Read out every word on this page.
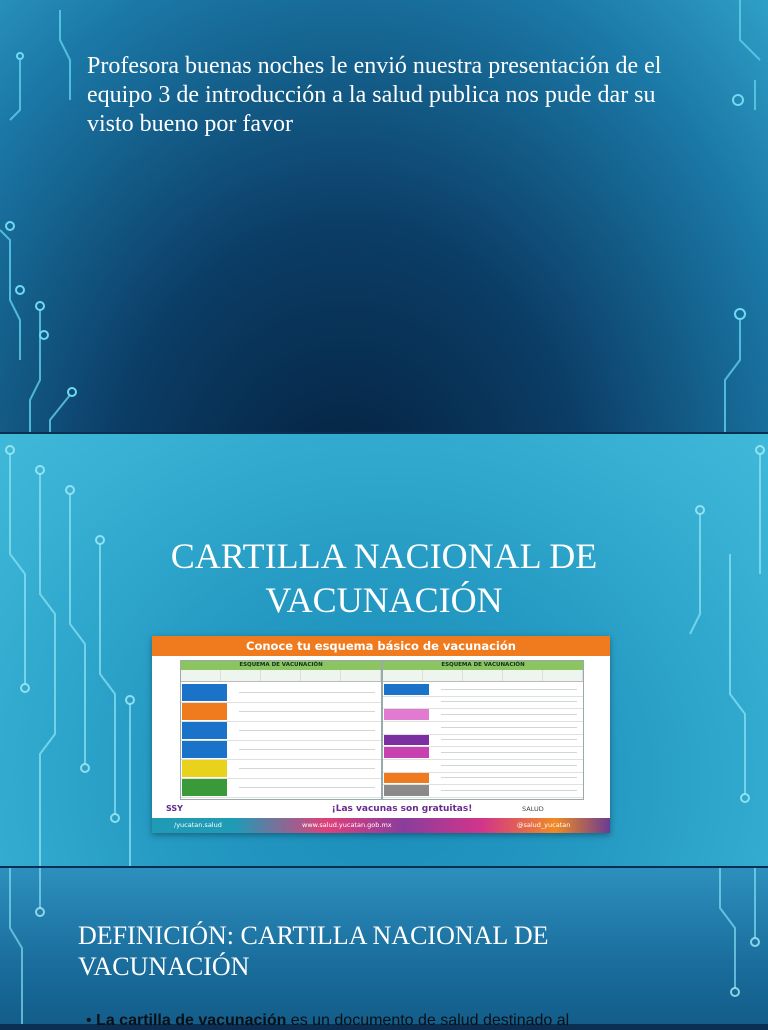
Profesora buenas noches le envió nuestra presentación de el equipo 3 de introducción a la salud publica nos pude dar su visto bueno por favor
CARTILLA NACIONAL DE
VACUNACIÓN
Conoce tu esquema básico de vacunación
ESQUEMA DE VACUNACIÓN	ESQUEMA DE VACUNACIÓN
SSY	¡Las vacunas son gratuitas!	SALUD
/yucatan.salud	www.salud.yucatan.gob.mx	@salud_yucatan
DEFINICIÓN: CARTILLA NACIONAL DE
VACUNACIÓN
• La cartilla de vacunación es un documento de salud destinado al
